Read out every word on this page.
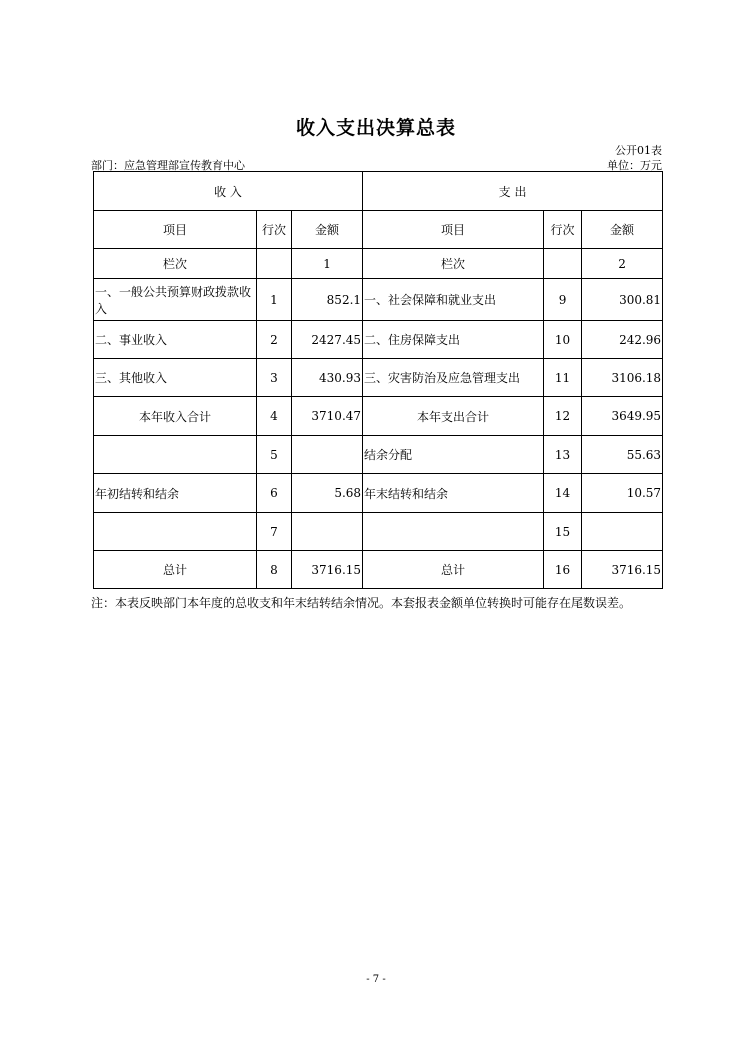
收入支出决算总表
公开01表
部门：应急管理部宣传教育中心	单位：万元
收 入			支 出		
项目	行次	金额	项目	行次	金额
栏次		1	栏次		2
一、一般公共预算财政拨款收入	1	852.1	一、社会保障和就业支出	9	300.81
二、事业收入	2	2427.45	二、住房保障支出	10	242.96
三、其他收入	3	430.93	三、灾害防治及应急管理支出	11	3106.18
本年收入合计	4	3710.47	本年支出合计	12	3649.95
	5		结余分配	13	55.63
年初结转和结余	6	5.68	年末结转和结余	14	10.57
	7			15	
总计	8	3716.15	总计	16	3716.15
注：本表反映部门本年度的总收支和年末结转结余情况。本套报表金额单位转换时可能存在尾数误差。
- 7 -
